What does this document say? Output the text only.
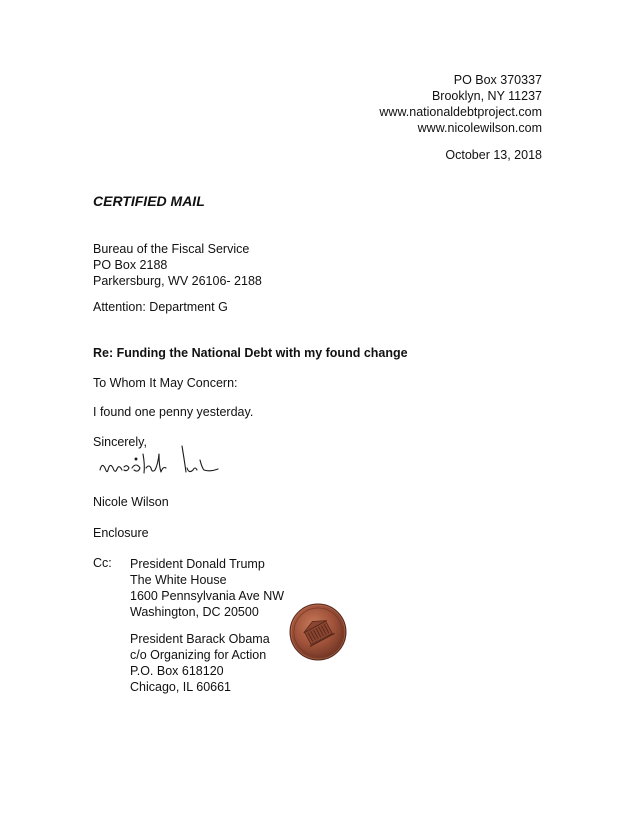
PO Box 370337
Brooklyn, NY 11237
www.nationaldebtproject.com
www.nicolewilson.com
October 13, 2018
CERTIFIED MAIL
Bureau of the Fiscal Service
PO Box 2188
Parkersburg, WV 26106- 2188
Attention: Department G
Re: Funding the National Debt with my found change
To Whom It May Concern:
I found one penny yesterday.
Sincerely,
Nicole Wilson
Enclosure
Cc: President Donald Trump
The White House
1600 Pennsylvania Ave NW
Washington, DC 20500
President Barack Obama
c/o Organizing for Action
P.O. Box 618120
Chicago, IL 60661
